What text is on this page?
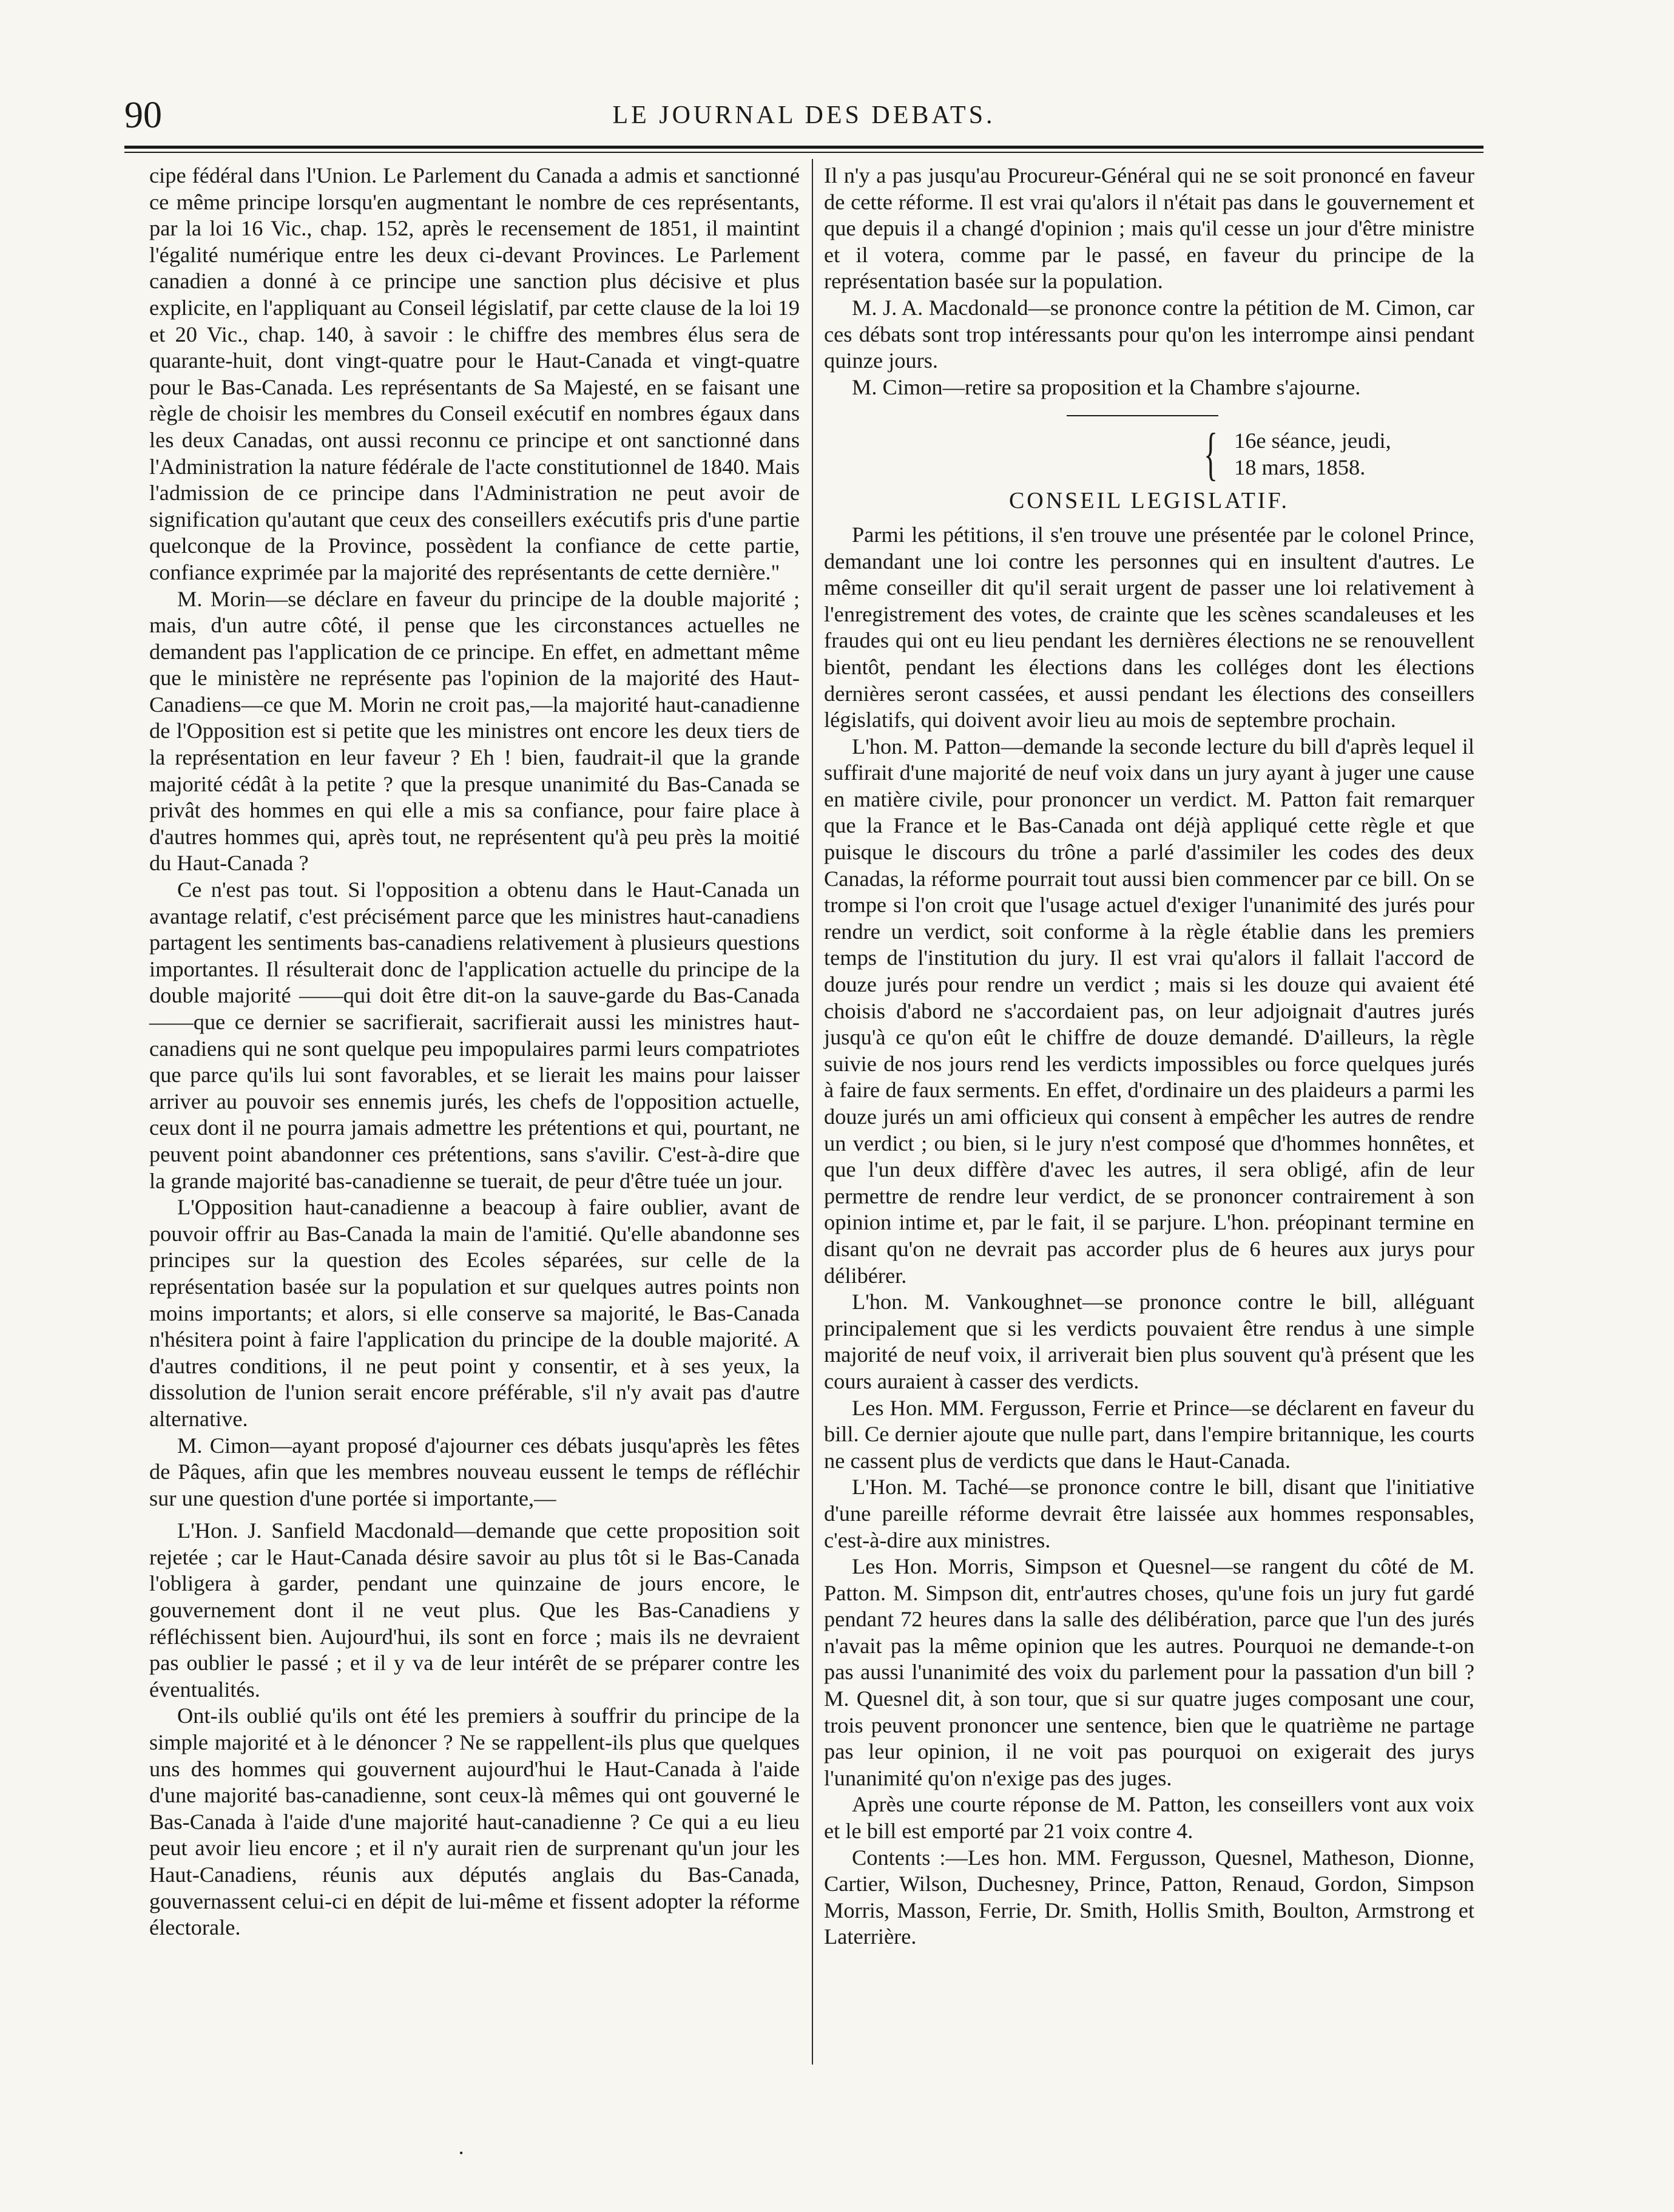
90	LE JOURNAL DES DEBATS.

cipe fédéral dans l'Union. Le Parlement du Canada a admis et sanctionné ce même principe lorsqu'en augmentant le nombre de ces représentants, par la loi 16 Vic., chap. 152, après le recensement de 1851, il maintint l'égalité numérique entre les deux ci-devant Provinces. Le Parlement canadien a donné à ce principe une sanction plus décisive et plus explicite, en l'appliquant au Conseil législatif, par cette clause de la loi 19 et 20 Vic., chap. 140, à savoir : le chiffre des membres élus sera de quarante-huit, dont vingt-quatre pour le Haut-Canada et vingt-quatre pour le Bas-Canada. Les représentants de Sa Majesté, en se faisant une règle de choisir les membres du Conseil exécutif en nombres égaux dans les deux Canadas, ont aussi reconnu ce principe et ont sanctionné dans l'Administration la nature fédérale de l'acte constitutionnel de 1840. Mais l'admission de ce principe dans l'Administration ne peut avoir de signification qu'autant que ceux des conseillers exécutifs pris d'une partie quelconque de la Province, possèdent la confiance de cette partie, confiance exprimée par la majorité des représentants de cette dernière."

M. Morin—se déclare en faveur du principe de la double majorité ; mais, d'un autre côté, il pense que les circonstances actuelles ne demandent pas l'application de ce principe. En effet, en admettant même que le ministère ne représente pas l'opinion de la majorité des Haut-Canadiens—ce que M. Morin ne croit pas,—la majorité haut-canadienne de l'Opposition est si petite que les ministres ont encore les deux tiers de la représentation en leur faveur ? Eh ! bien, faudrait-il que la grande majorité cédât à la petite ? que la presque unanimité du Bas-Canada se privât des hommes en qui elle a mis sa confiance, pour faire place à d'autres hommes qui, après tout, ne représentent qu'à peu près la moitié du Haut-Canada ?

Ce n'est pas tout. Si l'opposition a obtenu dans le Haut-Canada un avantage relatif, c'est précisément parce que les ministres haut-canadiens partagent les sentiments bas-canadiens relativement à plusieurs questions importantes. Il résulterait donc de l'application actuelle du principe de la double majorité ——qui doit être dit-on la sauve-garde du Bas-Canada——que ce dernier se sacrifierait, sacrifierait aussi les ministres haut-canadiens qui ne sont quelque peu impopulaires parmi leurs compatriotes que parce qu'ils lui sont favorables, et se lierait les mains pour laisser arriver au pouvoir ses ennemis jurés, les chefs de l'opposition actuelle, ceux dont il ne pourra jamais admettre les prétentions et qui, pourtant, ne peuvent point abandonner ces prétentions, sans s'avilir. C'est-à-dire que la grande majorité bas-canadienne se tuerait, de peur d'être tuée un jour.

L'Opposition haut-canadienne a beacoup à faire oublier, avant de pouvoir offrir au Bas-Canada la main de l'amitié. Qu'elle abandonne ses principes sur la question des Ecoles séparées, sur celle de la représentation basée sur la population et sur quelques autres points non moins importants; et alors, si elle conserve sa majorité, le Bas-Canada n'hésitera point à faire l'application du principe de la double majorité. A d'autres conditions, il ne peut point y consentir, et à ses yeux, la dissolution de l'union serait encore préférable, s'il n'y avait pas d'autre alternative.

M. Cimon—ayant proposé d'ajourner ces débats jusqu'après les fêtes de Pâques, afin que les membres nouveau eussent le temps de réfléchir sur une question d'une portée si importante,—

L'Hon. J. Sanfield Macdonald—demande que cette proposition soit rejetée ; car le Haut-Canada désire savoir au plus tôt si le Bas-Canada l'obligera à garder, pendant une quinzaine de jours encore, le gouvernement dont il ne veut plus. Que les Bas-Canadiens y réfléchissent bien. Aujourd'hui, ils sont en force ; mais ils ne devraient pas oublier le passé ; et il y va de leur intérêt de se préparer contre les éventualités.

Ont-ils oublié qu'ils ont été les premiers à souffrir du principe de la simple majorité et à le dénoncer ? Ne se rappellent-ils plus que quelques uns des hommes qui gouvernent aujourd'hui le Haut-Canada à l'aide d'une majorité bas-canadienne, sont ceux-là mêmes qui ont gouverné le Bas-Canada à l'aide d'une majorité haut-canadienne ? Ce qui a eu lieu peut avoir lieu encore ; et il n'y aurait rien de surprenant qu'un jour les Haut-Canadiens, réunis aux députés anglais du Bas-Canada, gouvernassent celui-ci en dépit de lui-même et fissent adopter la réforme électorale.

Il n'y a pas jusqu'au Procureur-Général qui ne se soit prononcé en faveur de cette réforme. Il est vrai qu'alors il n'était pas dans le gouvernement et que depuis il a changé d'opinion ; mais qu'il cesse un jour d'être ministre et il votera, comme par le passé, en faveur du principe de la représentation basée sur la population.

M. J. A. Macdonald—se prononce contre la pétition de M. Cimon, car ces débats sont trop intéressants pour qu'on les interrompe ainsi pendant quinze jours.

M. Cimon—retire sa proposition et la Chambre s'ajourne.

{ 16e séance, jeudi,
18 mars, 1858.
CONSEIL LEGISLATIF.

Parmi les pétitions, il s'en trouve une présentée par le colonel Prince, demandant une loi contre les personnes qui en insultent d'autres. Le même conseiller dit qu'il serait urgent de passer une loi relativement à l'enregistrement des votes, de crainte que les scènes scandaleuses et les fraudes qui ont eu lieu pendant les dernières élections ne se renouvellent bientôt, pendant les élections dans les colléges dont les élections dernières seront cassées, et aussi pendant les élections des conseillers législatifs, qui doivent avoir lieu au mois de septembre prochain.

L'hon. M. Patton—demande la seconde lecture du bill d'après lequel il suffirait d'une majorité de neuf voix dans un jury ayant à juger une cause en matière civile, pour prononcer un verdict. M. Patton fait remarquer que la France et le Bas-Canada ont déjà appliqué cette règle et que puisque le discours du trône a parlé d'assimiler les codes des deux Canadas, la réforme pourrait tout aussi bien commencer par ce bill. On se trompe si l'on croit que l'usage actuel d'exiger l'unanimité des jurés pour rendre un verdict, soit conforme à la règle établie dans les premiers temps de l'institution du jury. Il est vrai qu'alors il fallait l'accord de douze jurés pour rendre un verdict ; mais si les douze qui avaient été choisis d'abord ne s'accordaient pas, on leur adjoignait d'autres jurés jusqu'à ce qu'on eût le chiffre de douze demandé. D'ailleurs, la règle suivie de nos jours rend les verdicts impossibles ou force quelques jurés à faire de faux serments. En effet, d'ordinaire un des plaideurs a parmi les douze jurés un ami officieux qui consent à empêcher les autres de rendre un verdict ; ou bien, si le jury n'est composé que d'hommes honnêtes, et que l'un deux diffère d'avec les autres, il sera obligé, afin de leur permettre de rendre leur verdict, de se prononcer contrairement à son opinion intime et, par le fait, il se parjure. L'hon. préopinant termine en disant qu'on ne devrait pas accorder plus de 6 heures aux jurys pour délibérer.

L'hon. M. Vankoughnet—se prononce contre le bill, alléguant principalement que si les verdicts pouvaient être rendus à une simple majorité de neuf voix, il arriverait bien plus souvent qu'à présent que les cours auraient à casser des verdicts.

Les Hon. MM. Fergusson, Ferrie et Prince—se déclarent en faveur du bill. Ce dernier ajoute que nulle part, dans l'empire britannique, les courts ne cassent plus de verdicts que dans le Haut-Canada.

L'Hon. M. Taché—se prononce contre le bill, disant que l'initiative d'une pareille réforme devrait être laissée aux hommes responsables, c'est-à-dire aux ministres.

Les Hon. Morris, Simpson et Quesnel—se rangent du côté de M. Patton. M. Simpson dit, entr'autres choses, qu'une fois un jury fut gardé pendant 72 heures dans la salle des délibération, parce que l'un des jurés n'avait pas la même opinion que les autres. Pourquoi ne demande-t-on pas aussi l'unanimité des voix du parlement pour la passation d'un bill ? M. Quesnel dit, à son tour, que si sur quatre juges composant une cour, trois peuvent prononcer une sentence, bien que le quatrième ne partage pas leur opinion, il ne voit pas pourquoi on exigerait des jurys l'unanimité qu'on n'exige pas des juges.

Après une courte réponse de M. Patton, les conseillers vont aux voix et le bill est emporté par 21 voix contre 4.

Contents :—Les hon. MM. Fergusson, Quesnel, Matheson, Dionne, Cartier, Wilson, Duchesney, Prince, Patton, Renaud, Gordon, Simpson Morris, Masson, Ferrie, Dr. Smith, Hollis Smith, Boulton, Armstrong et Laterrière.

•
